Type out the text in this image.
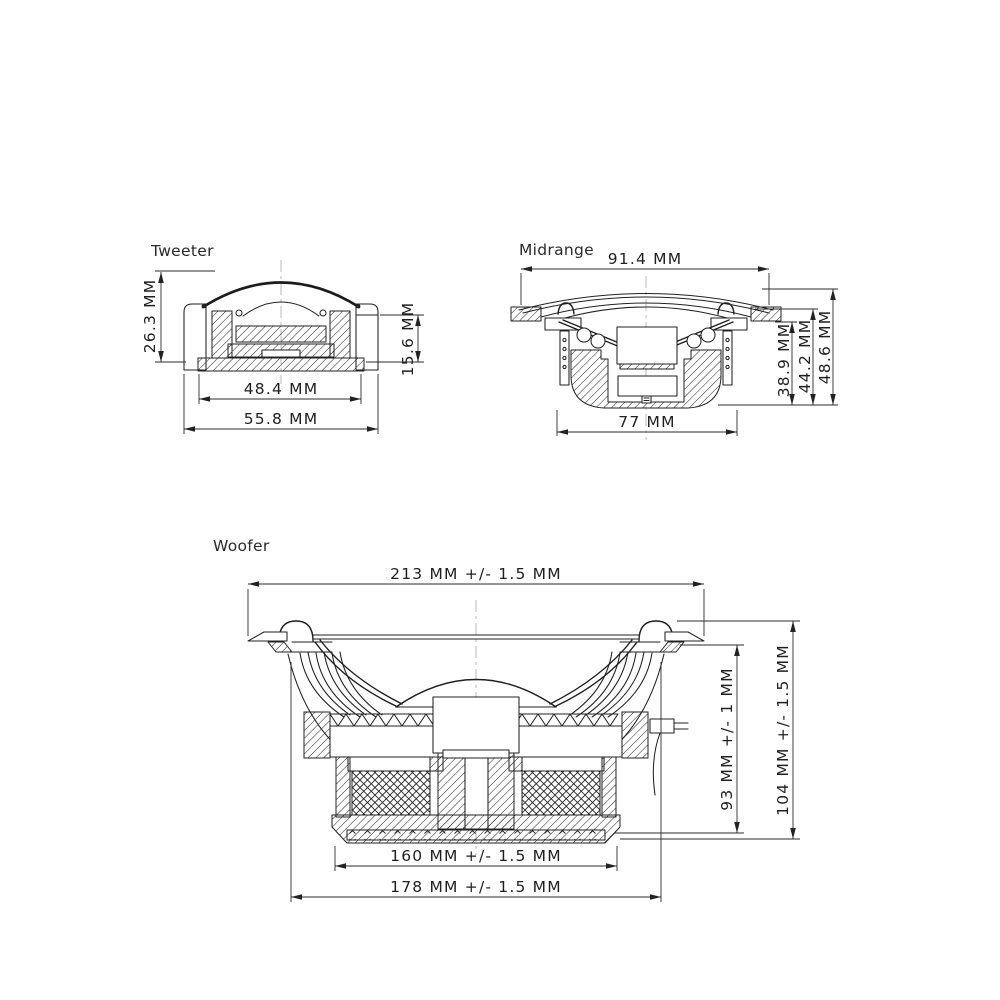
Tweeter
26.3 MM	15.6 MM
48.4 MM
55.8 MM
Midrange 91.4 MM
77 MM
38.9 MM 44.2 MM 48.6 MM
Woofer
213 MM +/- 1.5 MM
160 MM +/- 1.5 MM
178 MM +/- 1.5 MM
93 MM +/- 1 MM 104 MM +/- 1.5 MM
